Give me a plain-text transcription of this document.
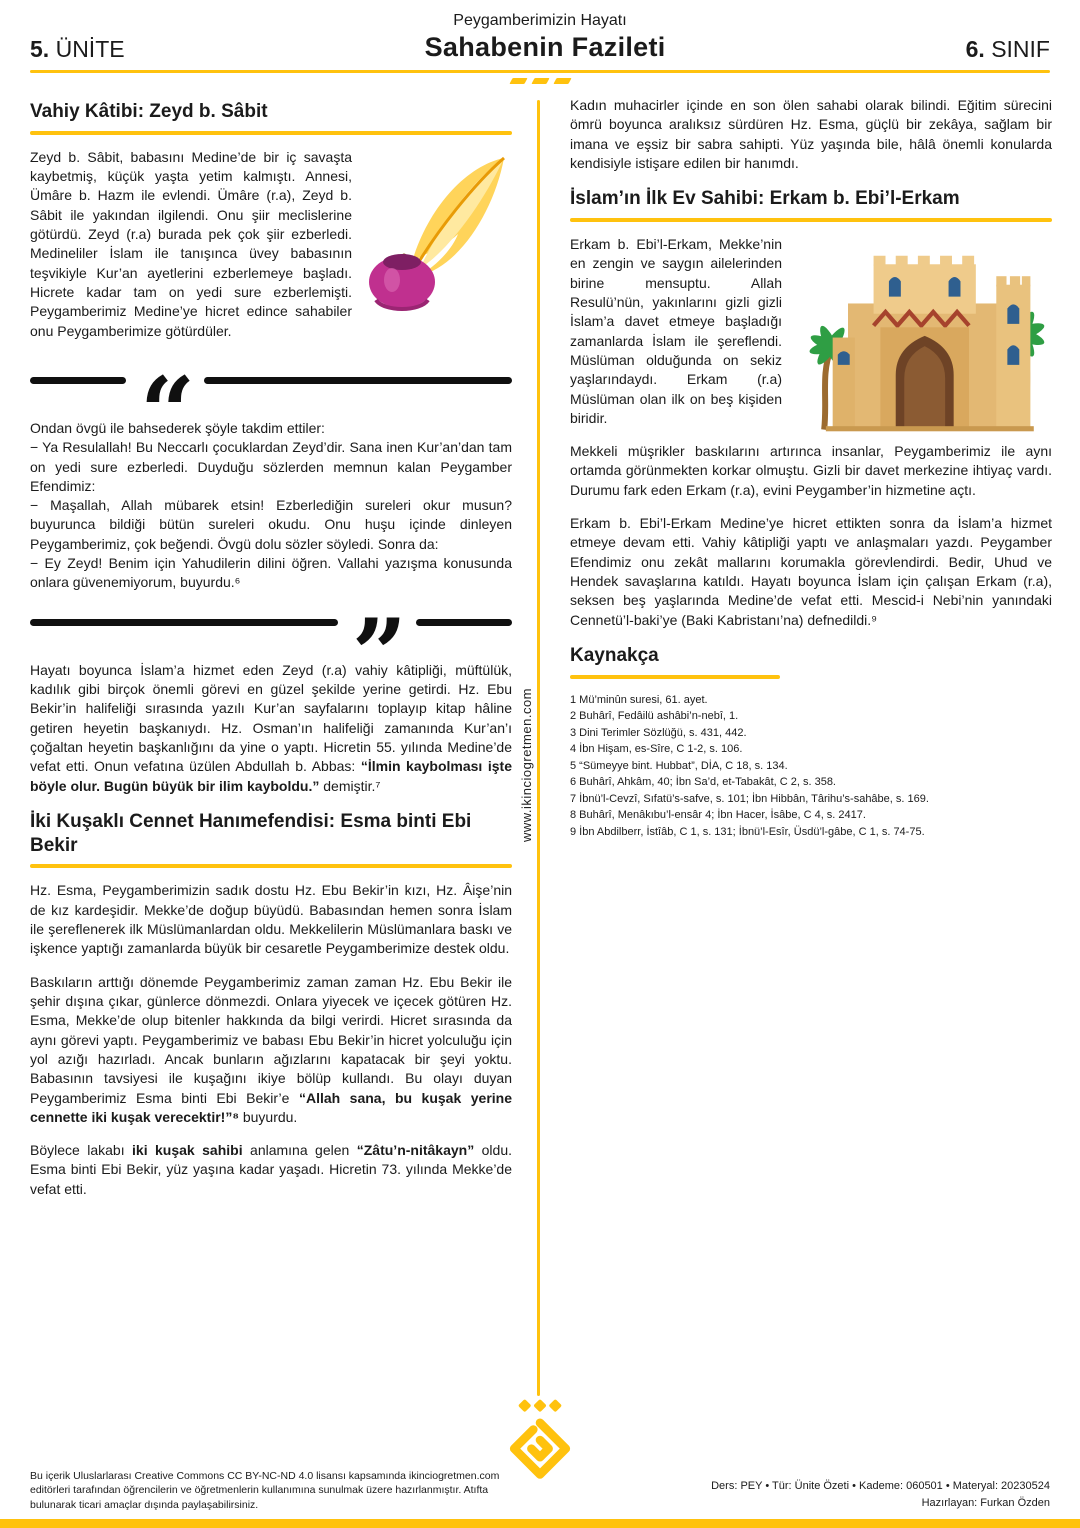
Peygamberimizin Hayatı
5. ÜNİTE	Sahabenin Fazileti	6. SINIF
Vahiy Kâtibi: Zeyd b. Sâbit

Zeyd b. Sâbit, babasını Medine’de bir iç savaşta kaybetmiş, küçük yaşta yetim kalmıştı. Annesi, Ümâre b. Hazm ile evlendi. Ümâre (r.a), Zeyd b. Sâbit ile yakından ilgilendi. Onu şiir meclislerine götürdü. Zeyd (r.a) burada pek çok şiir ezberledi. Medineliler İslam ile tanışınca üvey babasının teşvikiyle Kur’an ayetlerini ezberlemeye başladı. Hicrete kadar tam on yedi sure ezberlemişti. Peygamberimiz Medine’ye hicret edince sahabiler onu Peygamberimize götürdüler.

“

Ondan övgü ile bahsederek şöyle takdim ettiler:

− Ya Resulallah! Bu Neccarlı çocuklardan Zeyd’dir. Sana inen Kur’an’dan tam on yedi sure ezberledi. Duyduğu sözlerden memnun kalan Peygamber Efendimiz:

− Maşallah, Allah mübarek etsin! Ezberlediğin sureleri okur musun? buyurunca bildiği bütün sureleri okudu. Onu huşu içinde dinleyen Peygamberimiz, çok beğendi. Övgü dolu sözler söyledi. Sonra da:

− Ey Zeyd! Benim için Yahudilerin dilini öğren. Vallahi yazışma konusunda onlara güvenemiyorum, buyurdu.⁶

”

Hayatı boyunca İslam’a hizmet eden Zeyd (r.a) vahiy kâtipliği, müftülük, kadılık gibi birçok önemli görevi en güzel şekilde yerine getirdi. Hz. Ebu Bekir’in halifeliği sırasında yazılı Kur’an sayfalarını toplayıp kitap hâline getiren heyetin başkanıydı. Hz. Osman’ın halifeliği zamanında Kur’an’ı çoğaltan heyetin başkanlığını da yine o yaptı. Hicretin 55. yılında Medine’de vefat etti. Onun vefatına üzülen Abdullah b. Abbas: “İlmin kaybolması işte böyle olur. Bugün büyük bir ilim kayboldu.” demiştir.⁷

İki Kuşaklı Cennet Hanımefendisi: Esma binti Ebi Bekir

Hz. Esma, Peygamberimizin sadık dostu Hz. Ebu Bekir’in kızı, Hz. Âişe’nin de kız kardeşidir. Mekke’de doğup büyüdü. Babasından hemen sonra İslam ile şereflenerek ilk Müslümanlardan oldu. Mekkelilerin Müslümanlara baskı ve işkence yaptığı zamanlarda büyük bir cesaretle Peygamberimize destek oldu.

Baskıların arttığı dönemde Peygamberimiz zaman zaman Hz. Ebu Bekir ile şehir dışına çıkar, günlerce dönmezdi. Onlara yiyecek ve içecek götüren Hz. Esma, Mekke’de olup bitenler hakkında da bilgi verirdi. Hicret sırasında da aynı görevi yaptı. Peygamberimiz ve babası Ebu Bekir’in hicret yolculuğu için yol azığı hazırladı. Ancak bunların ağızlarını kapatacak bir şeyi yoktu. Babasının tavsiyesi ile kuşağını ikiye bölüp kullandı. Bu olayı duyan Peygamberimiz Esma binti Ebi Bekir’e “Allah sana, bu kuşak yerine cennette iki kuşak verecektir!”⁸ buyurdu.

Böylece lakabı iki kuşak sahibi anlamına gelen “Zâtu’n-nitâkayn” oldu. Esma binti Ebi Bekir, yüz yaşına kadar yaşadı. Hicretin 73. yılında Mekke’de vefat etti.

Kadın muhacirler içinde en son ölen sahabi olarak bilindi. Eğitim sürecini ömrü boyunca aralıksız sürdüren Hz. Esma, güçlü bir zekâya, sağlam bir imana ve eşsiz bir sabra sahipti. Yüz yaşında bile, hâlâ önemli konularda kendisiyle istişare edilen bir hanımdı.

İslam’ın İlk Ev Sahibi: Erkam b. Ebi’l-Erkam

Erkam b. Ebi’l-Erkam, Mekke’nin en zengin ve saygın ailelerinden birine mensuptu. Allah Resulü’nün, yakınlarını gizli gizli İslam’a davet etmeye başladığı zamanlarda İslam ile şereflendi. Müslüman olduğunda on sekiz yaşlarındaydı. Erkam (r.a) Müslüman olan ilk on beş kişiden biridir.

Mekkeli müşrikler baskılarını artırınca insanlar, Peygamberimiz ile aynı ortamda görünmekten korkar olmuştu. Gizli bir davet merkezine ihtiyaç vardı. Durumu fark eden Erkam (r.a), evini Peygamber’in hizmetine açtı.

Erkam b. Ebi’l-Erkam Medine’ye hicret ettikten sonra da İslam’a hizmet etmeye devam etti. Vahiy kâtipliği yaptı ve anlaşmaları yazdı. Peygamber Efendimiz onu zekât mallarını korumakla görevlendirdi. Bedir, Uhud ve Hendek savaşlarına katıldı. Hayatı boyunca İslam için çalışan Erkam (r.a), seksen beş yaşlarında Medine’de vefat etti. Mescid-i Nebi’nin yanındaki Cennetü’l-baki’ye (Baki Kabristanı’na) defnedildi.⁹

Kaynakça
1 Mü’minûn suresi, 61. ayet.
2 Buhârî, Fedâilü ashâbi’n-nebî, 1.
3 Dini Terimler Sözlüğü, s. 431, 442.
4 İbn Hişam, es-Sîre, C 1-2, s. 106.
5 “Sümeyye bint. Hubbat”, DİA, C 18, s. 134.
6 Buhârî, Ahkâm, 40; İbn Sa’d, et-Tabakât, C 2, s. 358.
7 İbnü’l-Cevzî, Sıfatü’s-safve, s. 101; İbn Hibbân, Târihu’s-sahâbe, s. 169.
8 Buhârî, Menâkıbu’l-ensâr 4; İbn Hacer, İsâbe, C 4, s. 2417.
9 İbn Abdilberr, İstîâb, C 1, s. 131; İbnü’l-Esîr, Üsdü’l-gâbe, C 1, s. 74-75.
www.ikinciogretmen.com
Bu içerik Uluslarlarası Creative Commons CC BY-NC-ND 4.0 lisansı kapsamında ikinciogretmen.com editörleri tarafından öğrencilerin ve öğretmenlerin kullanımına sunulmak üzere hazırlanmıştır. Atıfta bulunarak ticari amaçlar dışında paylaşabilirsiniz.
Ders: PEY • Tür: Ünite Özeti • Kademe: 060501 • Materyal: 20230524
Hazırlayan: Furkan Özden
